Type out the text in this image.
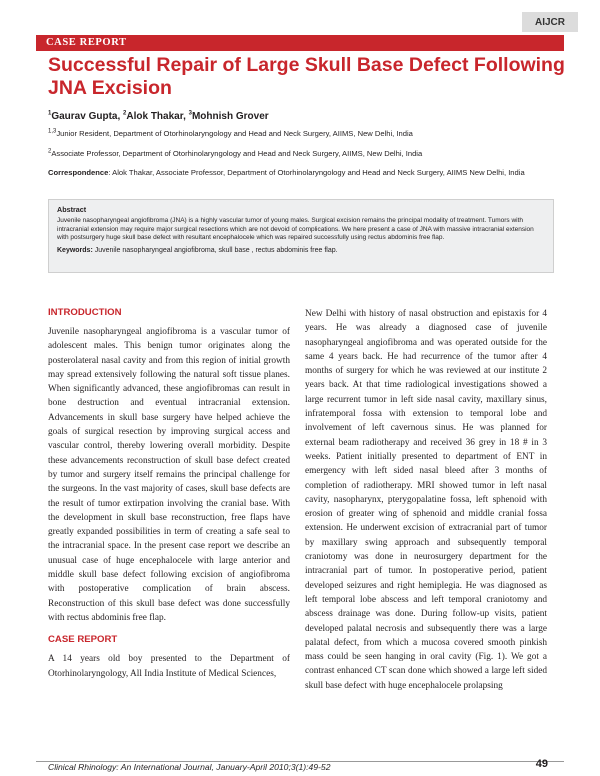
AIJCR
CASE REPORT
Successful Repair of Large Skull Base Defect Following JNA Excision
$^1$Gaurav Gupta, $^2$Alok Thakar, $^3$Mohnish Grover
$^{1,3}$Junior Resident, Department of Otorhinolaryngology and Head and Neck Surgery, AIIMS, New Delhi, India
$^2$Associate Professor, Department of Otorhinolaryngology and Head and Neck Surgery, AIIMS, New Delhi, India
Correspondence: Alok Thakar, Associate Professor, Department of Otorhinolaryngology and Head and Neck Surgery, AIIMS New Delhi, India
Abstract

Juvenile nasopharyngeal angiofibroma (JNA) is a highly vascular tumor of young males. Surgical excision remains the principal modality of treatment. Tumors with intracranial extension may require major surgical resections which are not devoid of complications. We here present a case of JNA with massive intracranial extension with postsurgery huge skull base defect with resultant encephalocele which was repaired successfully using rectus abdominis free flap.

Keywords: Juvenile nasopharyngeal angiofibroma, skull base , rectus abdominis free flap.

INTRODUCTION

Juvenile nasopharyngeal angiofibroma is a vascular tumor of adolescent males. This benign tumor originates along the posterolateral nasal cavity and from this region of initial growth may spread extensively following the natural soft tissue planes. When significantly advanced, these angiofibromas can result in bone destruction and eventual intracranial extension. Advancements in skull base surgery have helped achieve the goals of surgical resection by improving surgical access and vascular control, thereby lowering overall morbidity. Despite these advancements reconstruction of skull base defect created by tumor and surgery itself remains the principal challenge for the surgeons. In the vast majority of cases, skull base defects are the result of tumor extirpation involving the cranial base. With the development in skull base reconstruction, free flaps have greatly expanded possibilities in term of creating a safe seal to the intracranial space. In the present case report we describe an unusual case of huge encephalocele with large anterior and middle skull base defect following excision of angiofibroma with postoperative complication of brain abscess. Reconstruction of this skull base defect was done successfully with rectus abdominis free flap.

CASE REPORT

A 14 years old boy presented to the Department of Otorhinolaryngology, All India Institute of Medical Sciences,

New Delhi with history of nasal obstruction and epistaxis for 4 years. He was already a diagnosed case of juvenile nasopharyngeal angiofibroma and was operated outside for the same 4 years back. He had recurrence of the tumor after 4 months of surgery for which he was reviewed at our institute 2 years back. At that time radiological investigations showed a large recurrent tumor in left side nasal cavity, maxillary sinus, infratemporal fossa with extension to temporal lobe and involvement of left cavernous sinus. He was planned for external beam radiotherapy and received 36 grey in 18 # in 3 weeks. Patient initially presented to department of ENT in emergency with left sided nasal bleed after 3 months of completion of radiotherapy. MRI showed tumor in left nasal cavity, nasopharynx, pterygopalatine fossa, left sphenoid with erosion of greater wing of sphenoid and middle cranial fossa extension. He underwent excision of extracranial part of tumor by maxillary swing approach and subsequently temporal craniotomy was done in neurosurgery department for the intracranial part of tumor. In postoperative period, patient developed seizures and right hemiplegia. He was diagnosed as left temporal lobe abscess and left temporal craniotomy and abscess drainage was done. During follow-up visits, patient developed palatal necrosis and subsequently there was a large palatal defect, from which a mucosa covered smooth pinkish mass could be seen hanging in oral cavity (Fig. 1). We got a contrast enhanced CT scan done which showed a large left sided skull base defect with huge encephalocele prolapsing

Clinical Rhinology: An International Journal, January-April 2010;3(1):49-52	49
